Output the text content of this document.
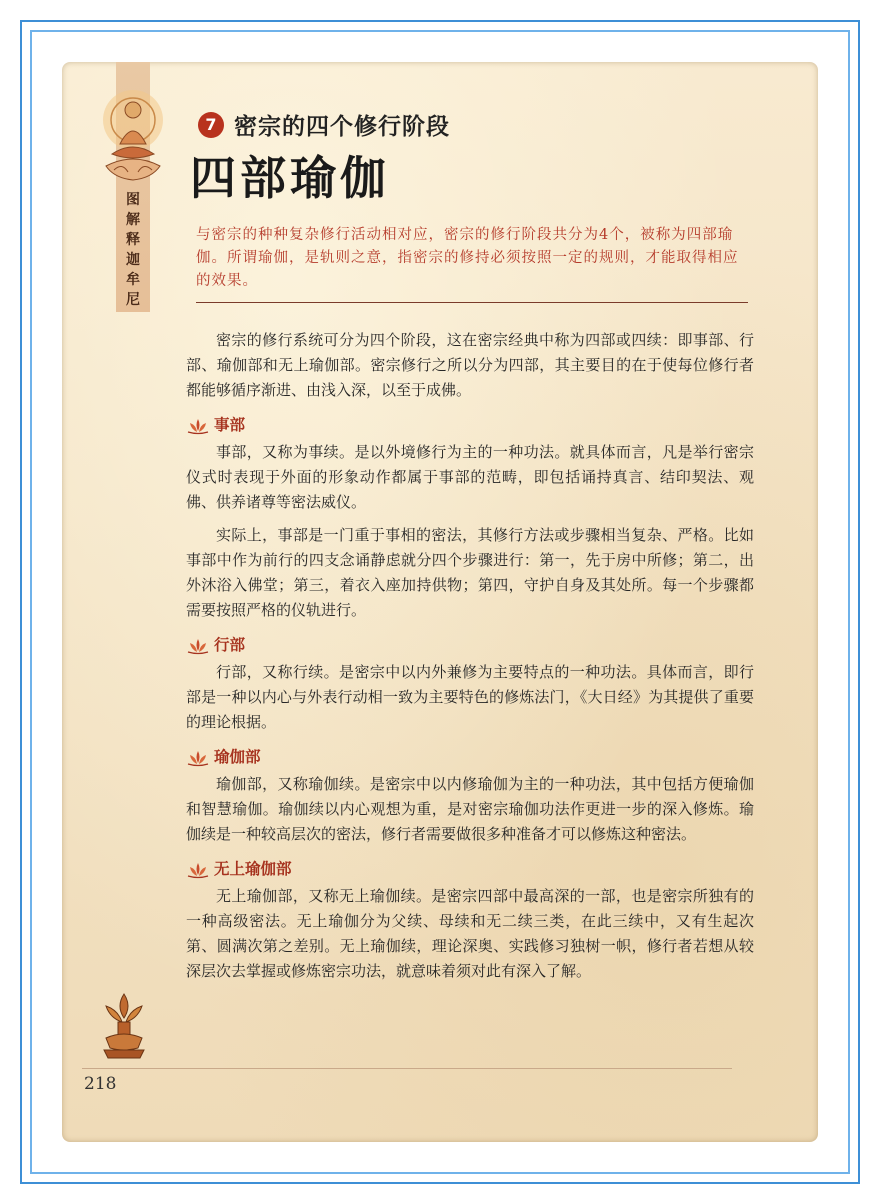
图解释迦牟尼
7 密宗的四个修行阶段
四部瑜伽
与密宗的种种复杂修行活动相对应，密宗的修行阶段共分为4个，被称为四部瑜伽。所谓瑜伽，是轨则之意，指密宗的修持必须按照一定的规则，才能取得相应的效果。

密宗的修行系统可分为四个阶段，这在密宗经典中称为四部或四续：即事部、行部、瑜伽部和无上瑜伽部。密宗修行之所以分为四部，其主要目的在于使每位修行者都能够循序渐进、由浅入深，以至于成佛。

事部

事部，又称为事续。是以外境修行为主的一种功法。就具体而言，凡是举行密宗仪式时表现于外面的形象动作都属于事部的范畴，即包括诵持真言、结印契法、观佛、供养诸尊等密法威仪。

实际上，事部是一门重于事相的密法，其修行方法或步骤相当复杂、严格。比如事部中作为前行的四支念诵静虑就分四个步骤进行：第一，先于房中所修；第二，出外沐浴入佛堂；第三，着衣入座加持供物；第四，守护自身及其处所。每一个步骤都需要按照严格的仪轨进行。

行部

行部，又称行续。是密宗中以内外兼修为主要特点的一种功法。具体而言，即行部是一种以内心与外表行动相一致为主要特色的修炼法门，《大日经》为其提供了重要的理论根据。

瑜伽部

瑜伽部，又称瑜伽续。是密宗中以内修瑜伽为主的一种功法，其中包括方便瑜伽和智慧瑜伽。瑜伽续以内心观想为重，是对密宗瑜伽功法作更进一步的深入修炼。瑜伽续是一种较高层次的密法，修行者需要做很多种准备才可以修炼这种密法。

无上瑜伽部

无上瑜伽部，又称无上瑜伽续。是密宗四部中最高深的一部，也是密宗所独有的一种高级密法。无上瑜伽分为父续、母续和无二续三类，在此三续中，又有生起次第、圆满次第之差别。无上瑜伽续，理论深奥、实践修习独树一帜，修行者若想从较深层次去掌握或修炼密宗功法，就意味着须对此有深入了解。

218
